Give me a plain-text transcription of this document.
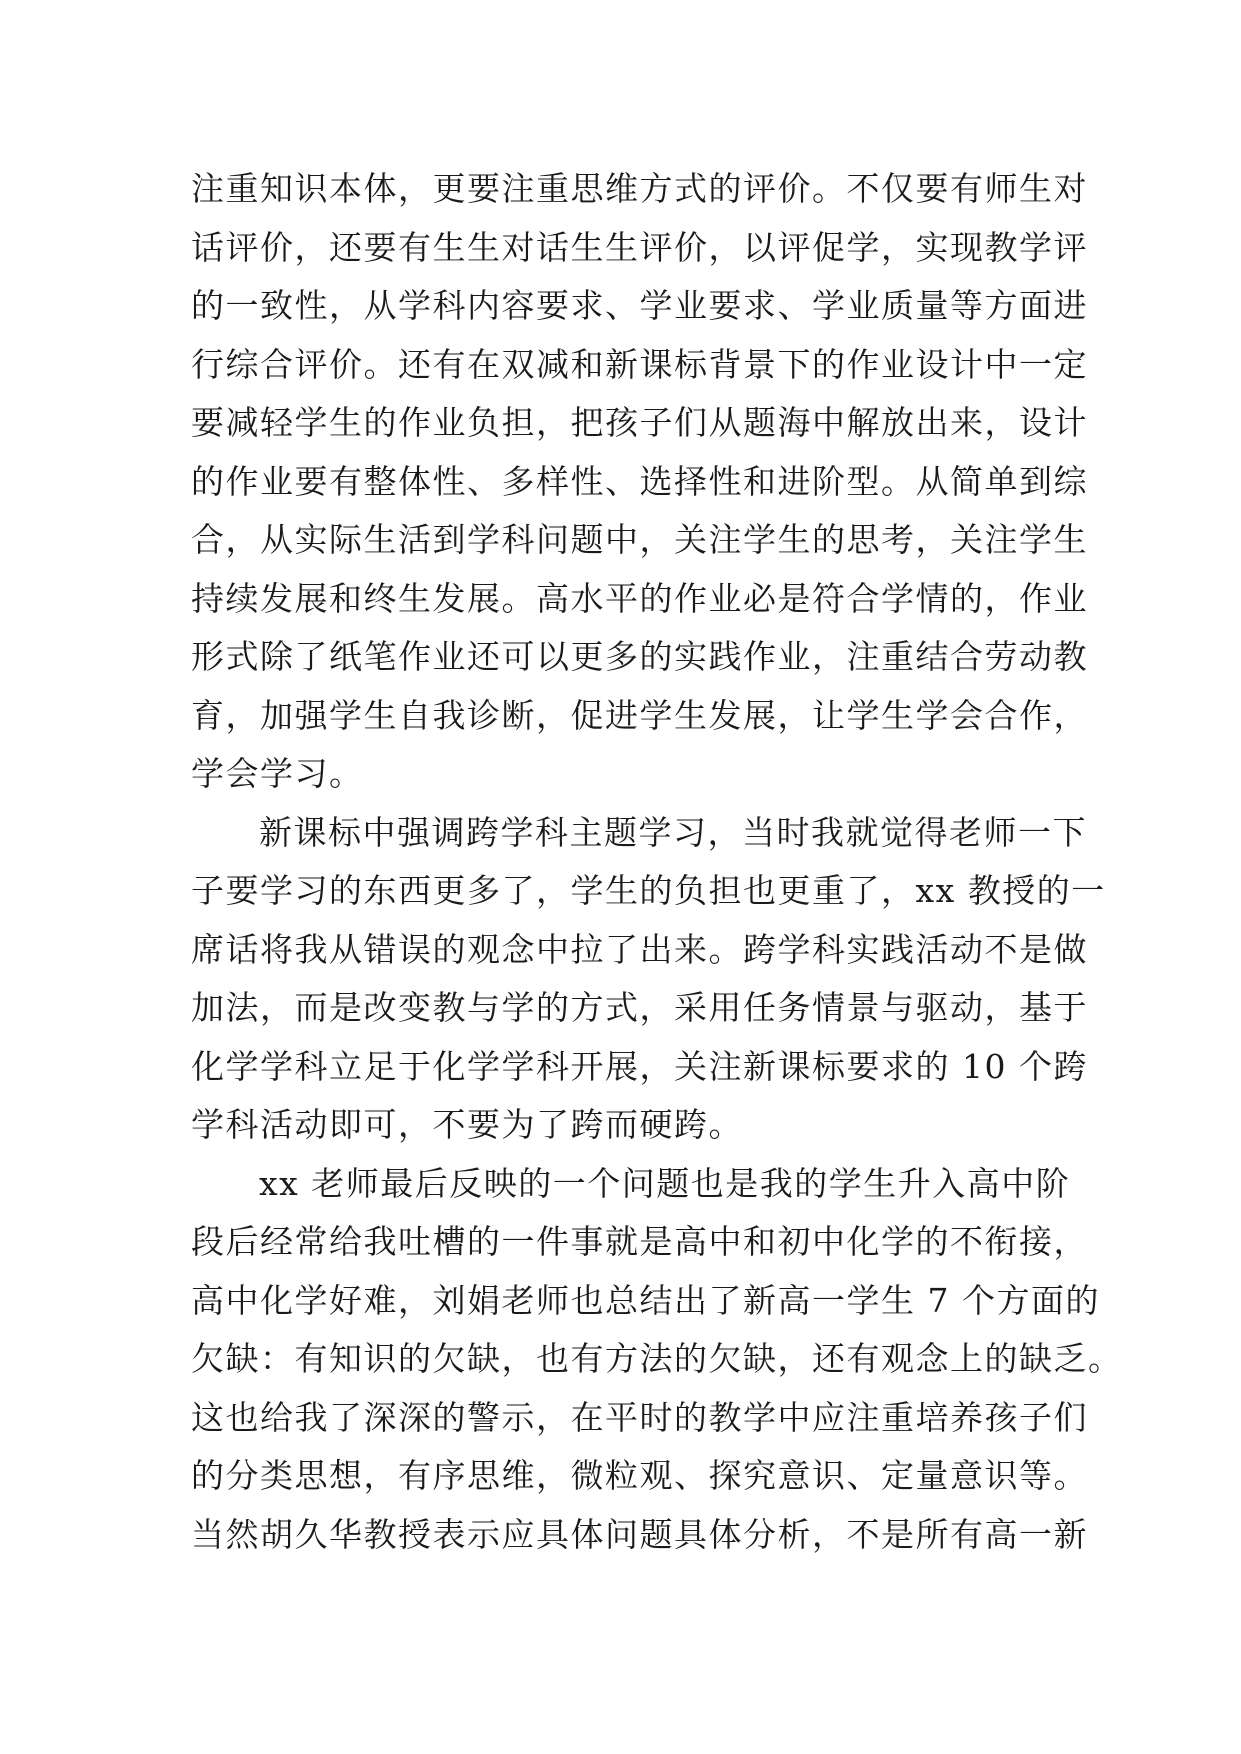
注重知识本体，更要注重思维方式的评价。不仅要有师生对
话评价，还要有生生对话生生评价，以评促学，实现教学评
的一致性，从学科内容要求、学业要求、学业质量等方面进
行综合评价。还有在双减和新课标背景下的作业设计中一定
要减轻学生的作业负担，把孩子们从题海中解放出来，设计
的作业要有整体性、多样性、选择性和进阶型。从简单到综
合，从实际生活到学科问题中，关注学生的思考，关注学生
持续发展和终生发展。高水平的作业必是符合学情的，作业
形式除了纸笔作业还可以更多的实践作业，注重结合劳动教
育，加强学生自我诊断，促进学生发展，让学生学会合作，
学会学习。
新课标中强调跨学科主题学习，当时我就觉得老师一下
子要学习的东西更多了，学生的负担也更重了，xx 教授的一
席话将我从错误的观念中拉了出来。跨学科实践活动不是做
加法，而是改变教与学的方式，采用任务情景与驱动，基于
化学学科立足于化学学科开展，关注新课标要求的 10 个跨
学科活动即可，不要为了跨而硬跨。
xx 老师最后反映的一个问题也是我的学生升入高中阶
段后经常给我吐槽的一件事就是高中和初中化学的不衔接，
高中化学好难，刘娟老师也总结出了新高一学生 7 个方面的
欠缺：有知识的欠缺，也有方法的欠缺，还有观念上的缺乏。
这也给我了深深的警示，在平时的教学中应注重培养孩子们
的分类思想，有序思维，微粒观、探究意识、定量意识等。
当然胡久华教授表示应具体问题具体分析，不是所有高一新
